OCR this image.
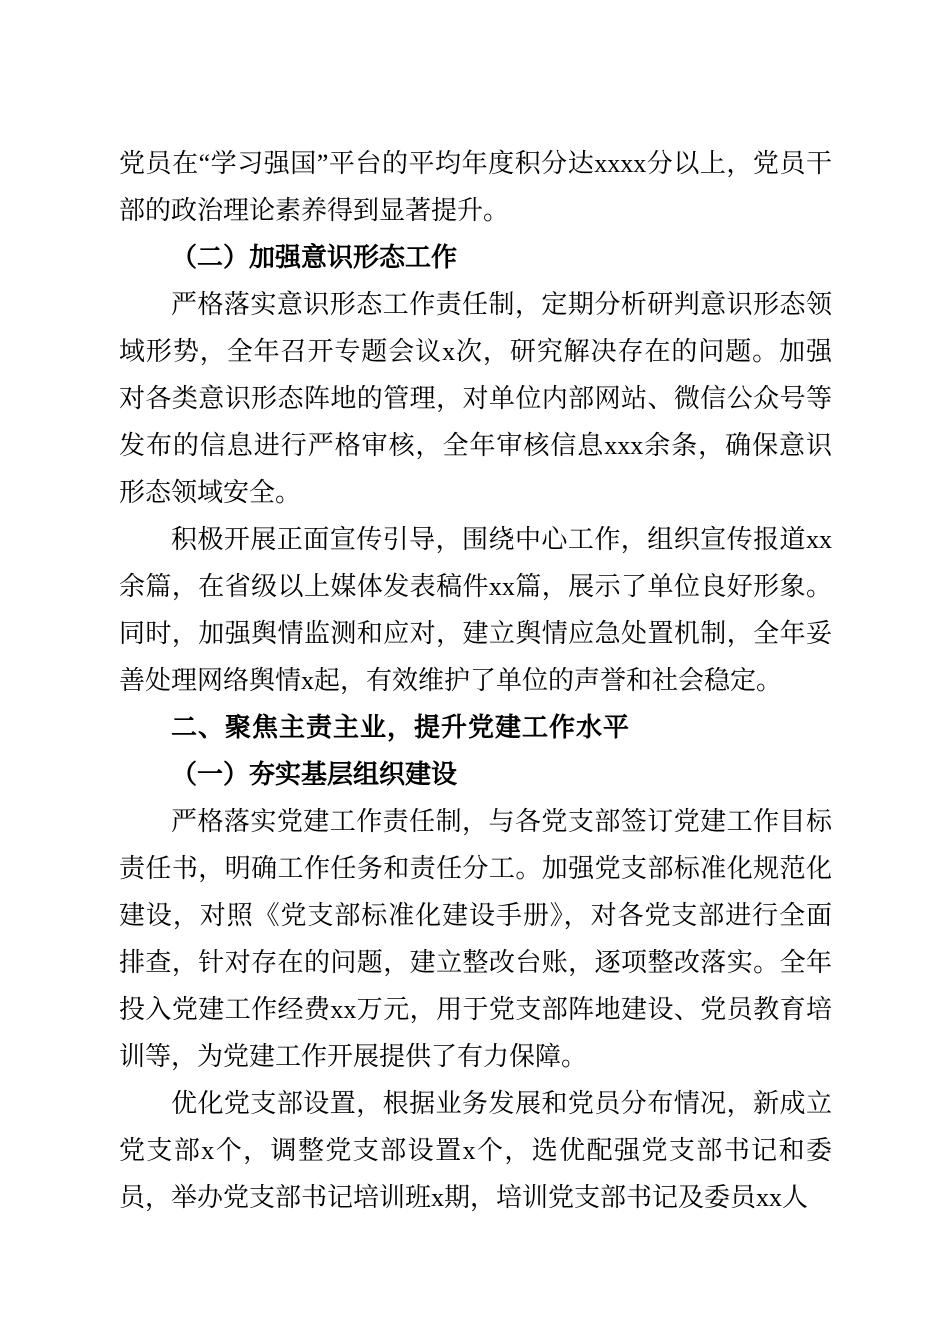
党员在“学习强国”平台的平均年度积分达xxxx分以上，党员干部的政治理论素养得到显著提升。

（二）加强意识形态工作

严格落实意识形态工作责任制，定期分析研判意识形态领域形势，全年召开专题会议x次，研究解决存在的问题。加强对各类意识形态阵地的管理，对单位内部网站、微信公众号等发布的信息进行严格审核，全年审核信息xxx余条，确保意识形态领域安全。

积极开展正面宣传引导，围绕中心工作，组织宣传报道xx余篇，在省级以上媒体发表稿件xx篇，展示了单位良好形象。同时，加强舆情监测和应对，建立舆情应急处置机制，全年妥善处理网络舆情x起，有效维护了单位的声誉和社会稳定。

二、聚焦主责主业，提升党建工作水平

（一）夯实基层组织建设

严格落实党建工作责任制，与各党支部签订党建工作目标责任书，明确工作任务和责任分工。加强党支部标准化规范化建设，对照《党支部标准化建设手册》，对各党支部进行全面排查，针对存在的问题，建立整改台账，逐项整改落实。全年投入党建工作经费xx万元，用于党支部阵地建设、党员教育培训等，为党建工作开展提供了有力保障。

优化党支部设置，根据业务发展和党员分布情况，新成立党支部x个，调整党支部设置x个，选优配强党支部书记和委员，举办党支部书记培训班x期，培训党支部书记及委员xx人
